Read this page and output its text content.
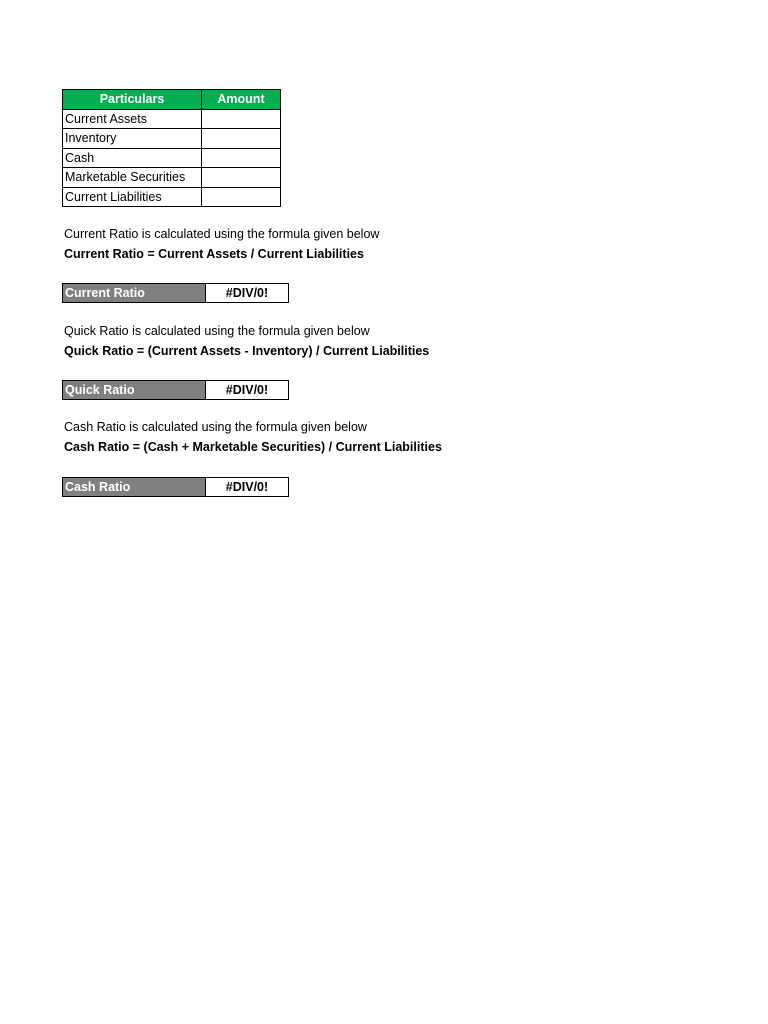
Particulars	Amount
Current Assets	
Inventory	
Cash	
Marketable Securities	
Current Liabilities	
Current Ratio is calculated using the formula given below
Current Ratio = Current Assets / Current Liabilities
Current Ratio	#DIV/0!
Quick Ratio is calculated using the formula given below
Quick Ratio = (Current Assets - Inventory) / Current Liabilities
Quick Ratio	#DIV/0!
Cash Ratio is calculated using the formula given below
Cash Ratio = (Cash + Marketable Securities) / Current Liabilities
Cash Ratio	#DIV/0!
